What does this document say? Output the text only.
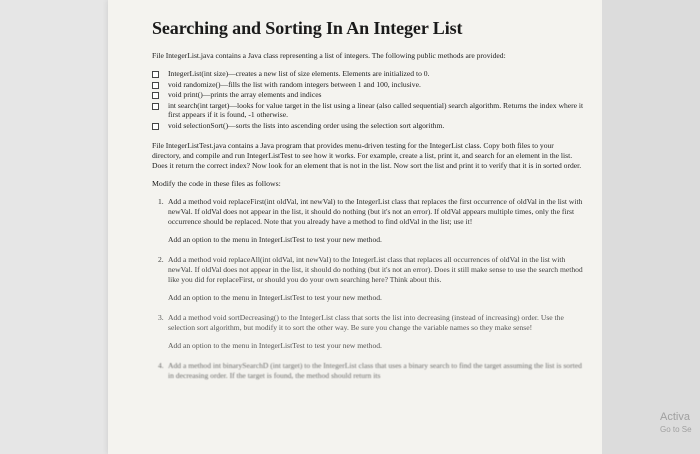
Searching and Sorting In An Integer List

File IntegerList.java contains a Java class representing a list of integers. The following public methods are provided:

IntegerList(int size)—creates a new list of size elements. Elements are initialized to 0.
void randomize()—fills the list with random integers between 1 and 100, inclusive.
void print()—prints the array elements and indices
int search(int target)—looks for value target in the list using a linear (also called sequential) search algorithm. Returns the index where it first appears if it is found, -1 otherwise.
void selectionSort()—sorts the lists into ascending order using the selection sort algorithm.

File IntegerListTest.java contains a Java program that provides menu-driven testing for the IntegerList class. Copy both files to your directory, and compile and run IntegerListTest to see how it works. For example, create a list, print it, and search for an element in the list. Does it return the correct index? Now look for an element that is not in the list. Now sort the list and print it to verify that it is in sorted order.

Modify the code in these files as follows:

1. Add a method void replaceFirst(int oldVal, int newVal) to the IntegerList class that replaces the first occurrence of oldVal in the list with newVal. If oldVal does not appear in the list, it should do nothing (but it's not an error). If oldVal appears multiple times, only the first occurrence should be replaced. Note that you already have a method to find oldVal in the list; use it!

Add an option to the menu in IntegerListTest to test your new method.

2. Add a method void replaceAll(int oldVal, int newVal) to the IntegerList class that replaces all occurrences of oldVal in the list with newVal. If oldVal does not appear in the list, it should do nothing (but it's not an error). Does it still make sense to use the search method like you did for replaceFirst, or should you do your own searching here? Think about this.

Add an option to the menu in IntegerListTest to test your new method.

3. Add a method void sortDecreasing() to the IntegerList class that sorts the list into decreasing (instead of increasing) order. Use the selection sort algorithm, but modify it to sort the other way. Be sure you change the variable names so they make sense!

Add an option to the menu in IntegerListTest to test your new method.

4. Add a method int binarySearchD (int target) to the IntegerList class that uses a binary search to find the target assuming the list is sorted in decreasing order. If the target is found, the method should return its

Activa
Go to Se
